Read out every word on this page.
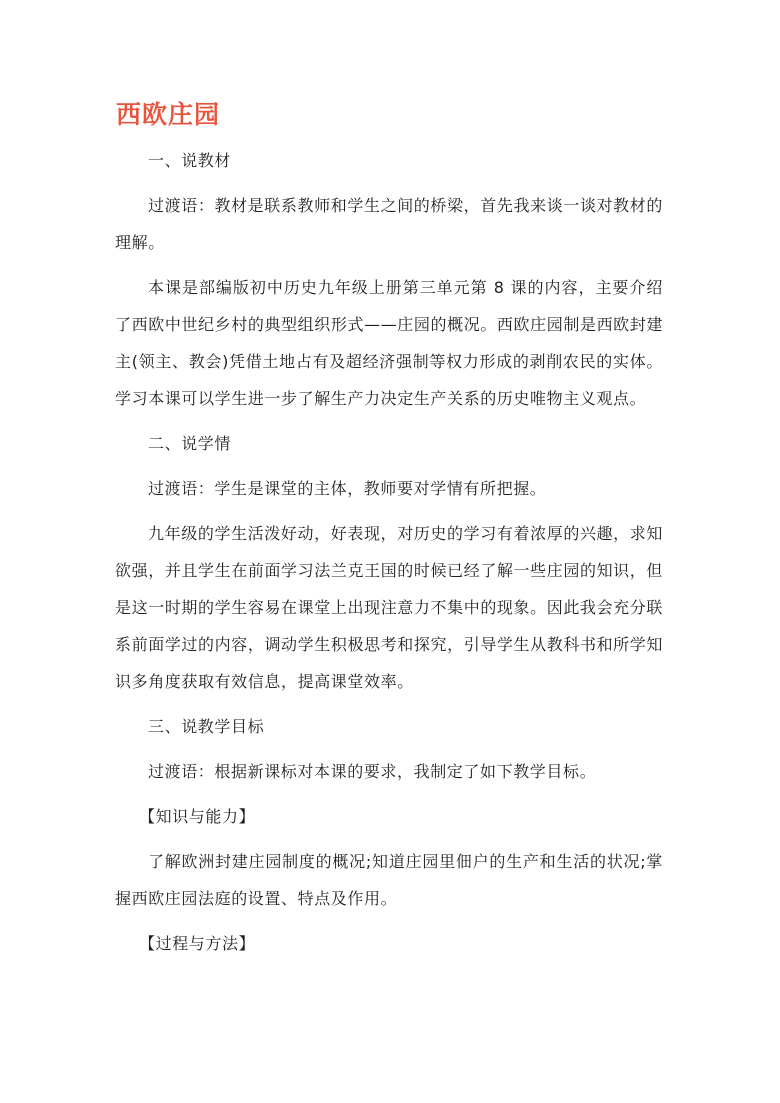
西欧庄园

一、说教材

过渡语：教材是联系教师和学生之间的桥梁，首先我来谈一谈对教材的理解。

本课是部编版初中历史九年级上册第三单元第 8 课的内容，主要介绍了西欧中世纪乡村的典型组织形式——庄园的概况。西欧庄园制是西欧封建主(领主、教会)凭借土地占有及超经济强制等权力形成的剥削农民的实体。学习本课可以学生进一步了解生产力决定生产关系的历史唯物主义观点。

二、说学情

过渡语：学生是课堂的主体，教师要对学情有所把握。

九年级的学生活泼好动，好表现，对历史的学习有着浓厚的兴趣，求知欲强，并且学生在前面学习法兰克王国的时候已经了解一些庄园的知识，但是这一时期的学生容易在课堂上出现注意力不集中的现象。因此我会充分联系前面学过的内容，调动学生积极思考和探究，引导学生从教科书和所学知识多角度获取有效信息，提高课堂效率。

三、说教学目标

过渡语：根据新课标对本课的要求，我制定了如下教学目标。

【知识与能力】

了解欧洲封建庄园制度的概况;知道庄园里佃户的生产和生活的状况;掌握西欧庄园法庭的设置、特点及作用。

【过程与方法】
